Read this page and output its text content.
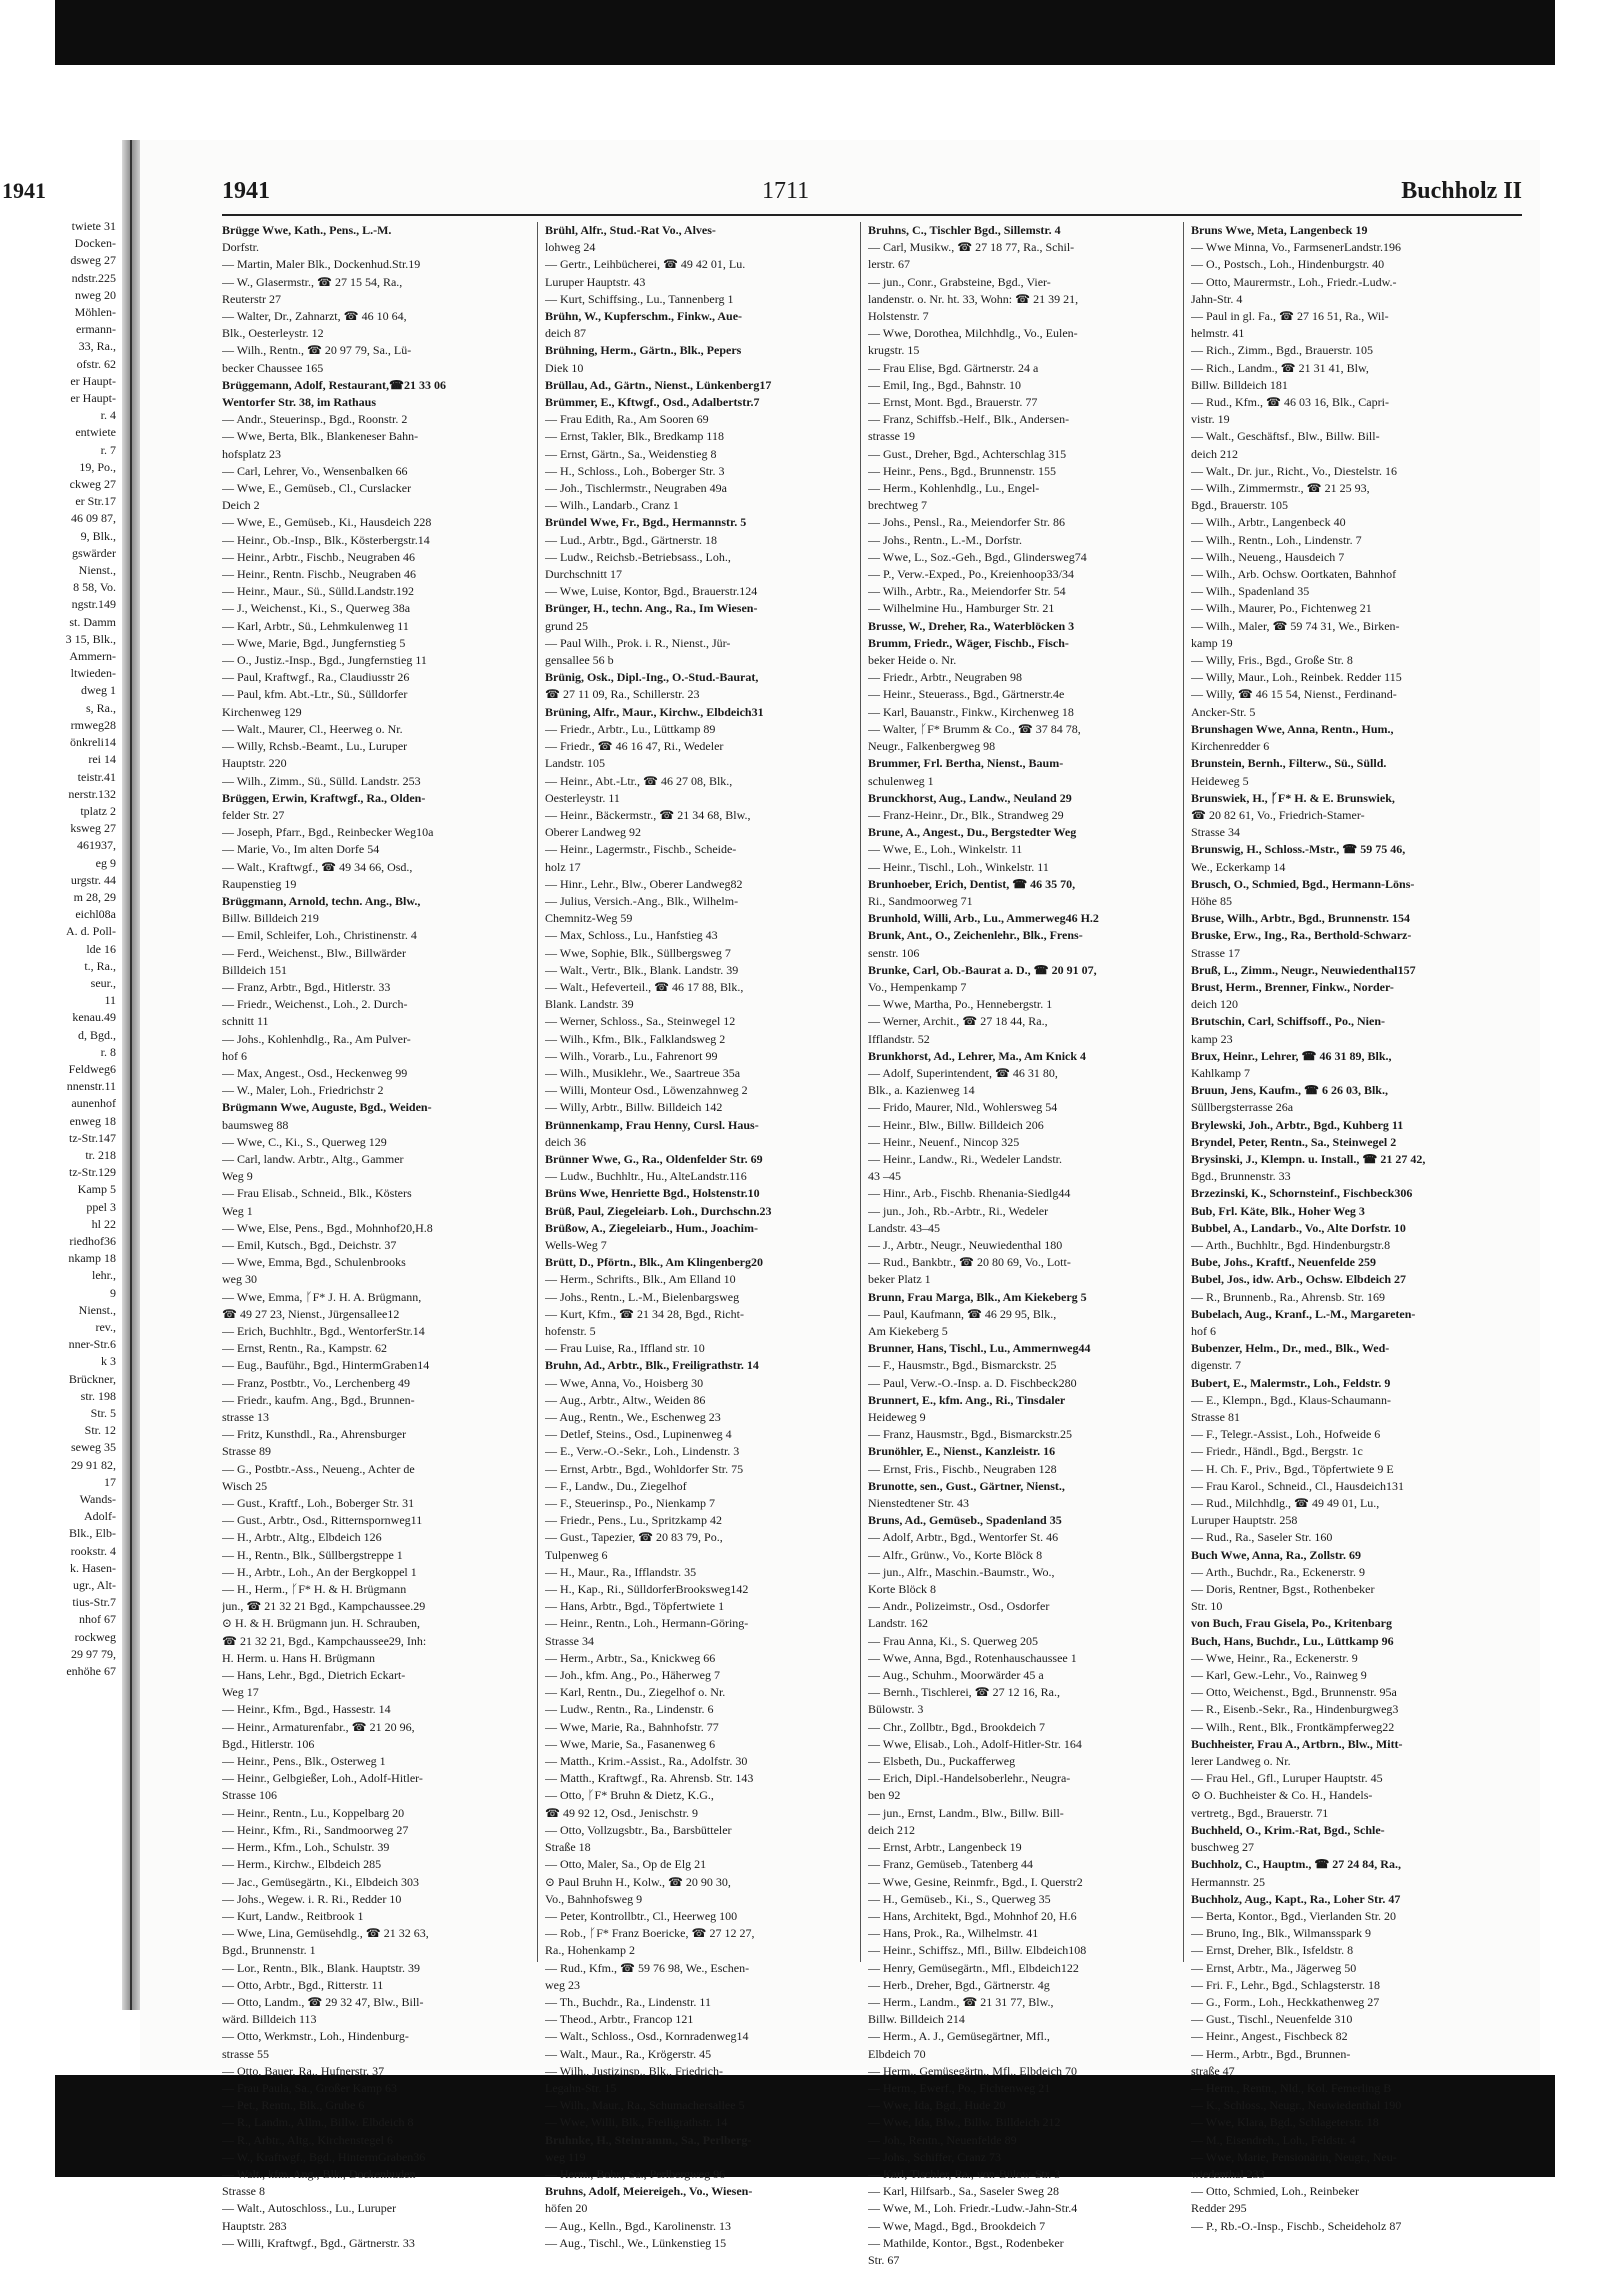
1941
twiete 31
Docken-
dsweg 27
ndstr.225
nweg 20
Möhlen-
ermann-
33, Ra.,
ofstr. 62
er Haupt-
er Haupt-
r. 4
entwiete
r. 7
19, Po.,
ckweg 27
er Str.17
46 09 87,
9, Blk.,
gswärder
Nienst.,
8 58, Vo.
ngstr.149
st. Damm
3 15, Blk.,
Ammern-
ltwieden-
dweg 1
s, Ra.,
rmweg28
önkreli14
rei 14
teistr.41
nerstr.132
tplatz 2
ksweg 27
461937,
eg 9
urgstr. 44
m 28, 29
eichl08a
A. d. Poll-
lde 16
t., Ra.,
seur.,
11
kenau.49
d, Bgd.,
r. 8
Feldweg6
nnenstr.11
aunenhof
enweg 18
tz-Str.147
tr. 218
tz-Str.129
Kamp 5
ppel 3
hl 22
riedhof36
nkamp 18
lehr.,
9
Nienst.,
rev.,
nner-Str.6
k 3
Brückner,
str. 198
Str. 5
Str. 12
seweg 35
29 91 82,
17
Wands-
Adolf-
Blk., Elb-
rookstr. 4
k. Hasen-
ugr., Alt-
tius-Str.7
nhof 67
rockweg
29 97 79,
enhöhe 67
1941	1711	Buchholz II
Brügge Wwe, Kath., Pens., L.-M.
Dorfstr.
— Martin, Maler Blk., Dockenhud.Str.19
— W., Glasermstr., ☎ 27 15 54, Ra.,
Reuterstr 27
— Walter, Dr., Zahnarzt, ☎ 46 10 64,
Blk., Oesterleystr. 12
— Wilh., Rentn., ☎ 20 97 79, Sa., Lü-
becker Chaussee 165
Brüggemann, Adolf, Restaurant,☎21 33 06
Wentorfer Str. 38, im Rathaus
— Andr., Steuerinsp., Bgd., Roonstr. 2
— Wwe, Berta, Blk., Blankeneser Bahn-
hofsplatz 23
— Carl, Lehrer, Vo., Wensenbalken 66
— Wwe, E., Gemüseb., Cl., Curslacker
Deich 2
— Wwe, E., Gemüseb., Ki., Hausdeich 228
— Heinr., Ob.-Insp., Blk., Kösterbergstr.14
— Heinr., Arbtr., Fischb., Neugraben 46
— Heinr., Rentn. Fischb., Neugraben 46
— Heinr., Maur., Sü., Sülld.Landstr.192
— J., Weichenst., Ki., S., Querweg 38a
— Karl, Arbtr., Sü., Lehmkulenweg 11
— Wwe, Marie, Bgd., Jungfernstieg 5
— O., Justiz.-Insp., Bgd., Jungfernstieg 11
— Paul, Kraftwgf., Ra., Claudiusstr 26
— Paul, kfm. Abt.-Ltr., Sü., Sülldorfer
Kirchenweg 129
— Walt., Maurer, Cl., Heerweg o. Nr.
— Willy, Rchsb.-Beamt., Lu., Luruper
Hauptstr. 220
— Wilh., Zimm., Sü., Sülld. Landstr. 253
Brüggen, Erwin, Kraftwgf., Ra., Olden-
felder Str. 27
— Joseph, Pfarr., Bgd., Reinbecker Weg10a
— Marie, Vo., Im alten Dorfe 54
— Walt., Kraftwgf., ☎ 49 34 66, Osd.,
Raupenstieg 19
Brüggmann, Arnold, techn. Ang., Blw.,
Billw. Billdeich 219
— Emil, Schleifer, Loh., Christinenstr. 4
— Ferd., Weichenst., Blw., Billwärder
Billdeich 151
— Franz, Arbtr., Bgd., Hitlerstr. 33
— Friedr., Weichenst., Loh., 2. Durch-
schnitt 11
— Johs., Kohlenhdlg., Ra., Am Pulver-
hof 6
— Max, Angest., Osd., Heckenweg 99
— W., Maler, Loh., Friedrichstr 2
Brügmann Wwe, Auguste, Bgd., Weiden-
baumsweg 88
— Wwe, C., Ki., S., Querweg 129
— Carl, landw. Arbtr., Altg., Gammer
Weg 9
— Frau Elisab., Schneid., Blk., Kösters
Weg 1
— Wwe, Else, Pens., Bgd., Mohnhof20,H.8
— Emil, Kutsch., Bgd., Deichstr. 37
— Wwe, Emma, Bgd., Schulenbrooks
weg 30
— Wwe, Emma, ᚴF* J. H. A. Brügmann,
☎ 49 27 23, Nienst., Jürgensallee12
— Erich, Buchhltr., Bgd., WentorferStr.14
— Ernst, Rentn., Ra., Kampstr. 62
— Eug., Bauführ., Bgd., HintermGraben14
— Franz, Postbtr., Vo., Lerchenberg 49
— Friedr., kaufm. Ang., Bgd., Brunnen-
strasse 13
— Fritz, Kunsthdl., Ra., Ahrensburger
Strasse 89
— G., Postbtr.-Ass., Neueng., Achter de
Wisch 25
— Gust., Kraftf., Loh., Boberger Str. 31
— Gust., Arbtr., Osd., Ritternspornweg11
— H., Arbtr., Altg., Elbdeich 126
— H., Rentn., Blk., Süllbergstreppe 1
— H., Arbtr., Loh., An der Bergkoppel 1
— H., Herm., ᚴF* H. & H. Brügmann
jun., ☎ 21 32 21 Bgd., Kampchaussee.29
⊙ H. & H. Brügmann jun. H. Schrauben,
☎ 21 32 21, Bgd., Kampchaussee29, Inh:
H. Herm. u. Hans H. Brügmann
— Hans, Lehr., Bgd., Dietrich Eckart-
Weg 17
— Heinr., Kfm., Bgd., Hassestr. 14
— Heinr., Armaturenfabr., ☎ 21 20 96,
Bgd., Hitlerstr. 106
— Heinr., Pens., Blk., Osterweg 1
— Heinr., Gelbgießer, Loh., Adolf-Hitler-
Strasse 106
— Heinr., Rentn., Lu., Koppelbarg 20
— Heinr., Kfm., Ri., Sandmoorweg 27
— Herm., Kfm., Loh., Schulstr. 39
— Herm., Kirchw., Elbdeich 285
— Jac., Gemüsegärtn., Ki., Elbdeich 303
— Johs., Wegew. i. R. Ri., Redder 10
— Kurt, Landw., Reitbrook 1
— Wwe, Lina, Gemüsehdlg., ☎ 21 32 63,
Bgd., Brunnenstr. 1
— Lor., Rentn., Blk., Blank. Hauptstr. 39
— Otto, Arbtr., Bgd., Ritterstr. 11
— Otto, Landm., ☎ 29 32 47, Blw., Bill-
wärd. Billdeich 113
— Otto, Werkmstr., Loh., Hindenburg-
strasse 55
— Otto, Bauer, Ra., Hufnerstr. 37
— Frau Paula, Sa., Großer Kamp 63
— Pet., Rentn., Blk., Grube 6
— R., Landm., Allm., Billw. Elbdeich 8
— R., Arbtr., Altg., Kirchenstegel 6
— W., Kraftwgf., Bgd., HintermGraben36
— Walt., kfm. Ang., Blk., Dockenhuden
Strasse 8
— Walt., Autoschloss., Lu., Luruper
Hauptstr. 283
— Willi, Kraftwgf., Bgd., Gärtnerstr. 33
Brühl, Alfr., Stud.-Rat Vo., Alves-
lohweg 24
— Gertr., Leihbücherei, ☎ 49 42 01, Lu.
Luruper Hauptstr. 43
— Kurt, Schiffsing., Lu., Tannenberg 1
Brühn, W., Kupferschm., Finkw., Aue-
deich 87
Brühning, Herm., Gärtn., Blk., Pepers
Diek 10
Brüllau, Ad., Gärtn., Nienst., Lünkenberg17
Brümmer, E., Kftwgf., Osd., Adalbertstr.7
— Frau Edith, Ra., Am Sooren 69
— Ernst, Takler, Blk., Bredkamp 118
— Ernst, Gärtn., Sa., Weidenstieg 8
— H., Schloss., Loh., Boberger Str. 3
— Joh., Tischlermstr., Neugraben 49a
— Wilh., Landarb., Cranz 1
Bründel Wwe, Fr., Bgd., Hermannstr. 5
— Lud., Arbtr., Bgd., Gärtnerstr. 18
— Ludw., Reichsb.-Betriebsass., Loh.,
Durchschnitt 17
— Wwe, Luise, Kontor, Bgd., Brauerstr.124
Brünger, H., techn. Ang., Ra., Im Wiesen-
grund 25
— Paul Wilh., Prok. i. R., Nienst., Jür-
gensallee 56 b
Brünig, Osk., Dipl.-Ing., O.-Stud.-Baurat,
☎ 27 11 09, Ra., Schillerstr. 23
Brüning, Alfr., Maur., Kirchw., Elbdeich31
— Friedr., Arbtr., Lu., Lüttkamp 89
— Friedr., ☎ 46 16 47, Ri., Wedeler
Landstr. 105
— Heinr., Abt.-Ltr., ☎ 46 27 08, Blk.,
Oesterleystr. 11
— Heinr., Bäckermstr., ☎ 21 34 68, Blw.,
Oberer Landweg 92
— Heinr., Lagermstr., Fischb., Scheide-
holz 17
— Hinr., Lehr., Blw., Oberer Landweg82
— Julius, Versich.-Ang., Blk., Wilhelm-
Chemnitz-Weg 59
— Max, Schloss., Lu., Hanfstieg 43
— Wwe, Sophie, Blk., Süllbergsweg 7
— Walt., Vertr., Blk., Blank. Landstr. 39
— Walt., Hefeverteil., ☎ 46 17 88, Blk.,
Blank. Landstr. 39
— Werner, Schloss., Sa., Steinwegel 12
— Wilh., Kfm., Blk., Falklandsweg 2
— Wilh., Vorarb., Lu., Fahrenort 99
— Wilh., Musiklehr., We., Saartreue 35a
— Willi, Monteur Osd., Löwenzahnweg 2
— Willy, Arbtr., Billw. Billdeich 142
Brünnenkamp, Frau Henny, Cursl. Haus-
deich 36
Brünner Wwe, G., Ra., Oldenfelder Str. 69
— Ludw., Buchhltr., Hu., AlteLandstr.116
Brüns Wwe, Henriette Bgd., Holstenstr.10
Brüß, Paul, Ziegeleiarb. Loh., Durchschn.23
Brüßow, A., Ziegeleiarb., Hum., Joachim-
Wells-Weg 7
Brütt, D., Pförtn., Blk., Am Klingenberg20
— Herm., Schrifts., Blk., Am Elland 10
— Johs., Rentn., L.-M., Bielenbargsweg
— Kurt, Kfm., ☎ 21 34 28, Bgd., Richt-
hofenstr. 5
— Frau Luise, Ra., Iffland str. 10
Bruhn, Ad., Arbtr., Blk., Freiligrathstr. 14
— Wwe, Anna, Vo., Hoisberg 30
— Aug., Arbtr., Altw., Weiden 86
— Aug., Rentn., We., Eschenweg 23
— Detlef, Steins., Osd., Lupinenweg 4
— E., Verw.-O.-Sekr., Loh., Lindenstr. 3
— Ernst, Arbtr., Bgd., Wohldorfer Str. 75
— F., Landw., Du., Ziegelhof
— F., Steuerinsp., Po., Nienkamp 7
— Friedr., Pens., Lu., Spritzkamp 42
— Gust., Tapezier, ☎ 20 83 79, Po.,
Tulpenweg 6
— H., Maur., Ra., Ifflandstr. 35
— H., Kap., Ri., SülldorferBrooksweg142
— Hans, Arbtr., Bgd., Töpfertwiete 1
— Heinr., Rentn., Loh., Hermann-Göring-
Strasse 34
— Herm., Arbtr., Sa., Knickweg 66
— Joh., kfm. Ang., Po., Häherweg 7
— Karl, Rentn., Du., Ziegelhof o. Nr.
— Ludw., Rentn., Ra., Lindenstr. 6
— Wwe, Marie, Ra., Bahnhofstr. 77
— Wwe, Marie, Sa., Fasanenweg 6
— Matth., Krim.-Assist., Ra., Adolfstr. 30
— Matth., Kraftwgf., Ra. Ahrensb. Str. 143
— Otto, ᚴF* Bruhn & Dietz, K.G.,
☎ 49 92 12, Osd., Jenischstr. 9
— Otto, Vollzugsbtr., Ba., Barsbütteler
Straße 18
— Otto, Maler, Sa., Op de Elg 21
⊙ Paul Bruhn H., Kolw., ☎ 20 90 30,
Vo., Bahnhofsweg 9
— Peter, Kontrollbtr., Cl., Heerweg 100
— Rob., ᚴF* Franz Boericke, ☎ 27 12 27,
Ra., Hohenkamp 2
— Rud., Kfm., ☎ 59 76 98, We., Eschen-
weg 23
— Th., Buchdr., Ra., Lindenstr. 11
— Theod., Arbtr., Francop 121
— Walt., Schloss., Osd., Kornradenweg14
— Walt., Maur., Ra., Krögerstr. 45
— Wilh., Justizinsp., Blk., Friedrich-
Legahn-Str. 15
— Wilh., Maur., Ra., Schumachersallee 5
— Wwe, Willi, Blk., Freiligrathstr. 14
Bruhnke, H., Steinramm., Sa., Perlberg-
weg 119
— Herm., Bohr., Sa., Perlbergweg 96
Bruhns, Adolf, Meiereigeh., Vo., Wiesen-
höfen 20
— Aug., Kelln., Bgd., Karolinenstr. 13
— Aug., Tischl., We., Lünkenstieg 15
Bruhns, C., Tischler Bgd., Sillemstr. 4
— Carl, Musikw., ☎ 27 18 77, Ra., Schil-
lerstr. 67
— jun., Conr., Grabsteine, Bgd., Vier-
landenstr. o. Nr. ht. 33, Wohn: ☎ 21 39 21,
Holstenstr. 7
— Wwe, Dorothea, Milchhdlg., Vo., Eulen-
krugstr. 15
— Frau Elise, Bgd. Gärtnerstr. 24 a
— Emil, Ing., Bgd., Bahnstr. 10
— Ernst, Mont. Bgd., Brauerstr. 77
— Franz, Schiffsb.-Helf., Blk., Andersen-
strasse 19
— Gust., Dreher, Bgd., Achterschlag 315
— Heinr., Pens., Bgd., Brunnenstr. 155
— Herm., Kohlenhdlg., Lu., Engel-
brechtweg 7
— Johs., Pensl., Ra., Meiendorfer Str. 86
— Johs., Rentn., L.-M., Dorfstr.
— Wwe, L., Soz.-Geh., Bgd., Glindersweg74
— P., Verw.-Exped., Po., Kreienhoop33/34
— Wilh., Arbtr., Ra., Meiendorfer Str. 54
— Wilhelmine Hu., Hamburger Str. 21
Brusse, W., Dreher, Ra., Waterblöcken 3
Brumm, Friedr., Wäger, Fischb., Fisch-
beker Heide o. Nr.
— Friedr., Arbtr., Neugraben 98
— Heinr., Steuerass., Bgd., Gärtnerstr.4e
— Karl, Bauanstr., Finkw., Kirchenweg 18
— Walter, ᚴF* Brumm & Co., ☎ 37 84 78,
Neugr., Falkenbergweg 98
Brummer, Frl. Bertha, Nienst., Baum-
schulenweg 1
Brunckhorst, Aug., Landw., Neuland 29
— Franz-Heinr., Dr., Blk., Strandweg 29
Brune, A., Angest., Du., Bergstedter Weg
— Wwe, E., Loh., Winkelstr. 11
— Heinr., Tischl., Loh., Winkelstr. 11
Brunhoeber, Erich, Dentist, ☎ 46 35 70,
Ri., Sandmoorweg 71
Brunhold, Willi, Arb., Lu., Ammerweg46 H.2
Brunk, Ant., O., Zeichenlehr., Blk., Frens-
senstr. 106
Brunke, Carl, Ob.-Baurat a. D., ☎ 20 91 07,
Vo., Hempenkamp 7
— Wwe, Martha, Po., Hennebergstr. 1
— Werner, Archit., ☎ 27 18 44, Ra.,
Ifflandstr. 52
Brunkhorst, Ad., Lehrer, Ma., Am Knick 4
— Adolf, Superintendent, ☎ 46 31 80,
Blk., a. Kazienweg 14
— Frido, Maurer, Nld., Wohlersweg 54
— Heinr., Blw., Billw. Billdeich 206
— Heinr., Neuenf., Nincop 325
— Heinr., Landw., Ri., Wedeler Landstr.
43 –45
— Hinr., Arb., Fischb. Rhenania-Siedlg44
— jun., Joh., Rb.-Arbtr., Ri., Wedeler
Landstr. 43–45
— J., Arbtr., Neugr., Neuwiedenthal 180
— Rud., Bankbtr., ☎ 20 80 69, Vo., Lott-
beker Platz 1
Brunn, Frau Marga, Blk., Am Kiekeberg 5
— Paul, Kaufmann, ☎ 46 29 95, Blk.,
Am Kiekeberg 5
Brunner, Hans, Tischl., Lu., Ammernweg44
— F., Hausmstr., Bgd., Bismarckstr. 25
— Paul, Verw.-O.-Insp. a. D. Fischbeck280
Brunnert, E., kfm. Ang., Ri., Tinsdaler
Heideweg 9
— Franz, Hausmstr., Bgd., Bismarckstr.25
Brunöhler, E., Nienst., Kanzleistr. 16
— Ernst, Fris., Fischb., Neugraben 128
Brunotte, sen., Gust., Gärtner, Nienst.,
Nienstedtener Str. 43
Bruns, Ad., Gemüseb., Spadenland 35
— Adolf, Arbtr., Bgd., Wentorfer St. 46
— Alfr., Grünw., Vo., Korte Blöck 8
— jun., Alfr., Maschin.-Baumstr., Wo.,
Korte Blöck 8
— Andr., Polizeimstr., Osd., Osdorfer
Landstr. 162
— Frau Anna, Ki., S. Querweg 205
— Wwe, Anna, Bgd., Rotenhauschaussee 1
— Aug., Schuhm., Moorwärder 45 a
— Bernh., Tischlerei, ☎ 27 12 16, Ra.,
Bülowstr. 3
— Chr., Zollbtr., Bgd., Brookdeich 7
— Wwe, Elisab., Loh., Adolf-Hitler-Str. 164
— Elsbeth, Du., Puckafferweg
— Erich, Dipl.-Handelsoberlehr., Neugra-
ben 92
— jun., Ernst, Landm., Blw., Billw. Bill-
deich 212
— Ernst, Arbtr., Langenbeck 19
— Franz, Gemüseb., Tatenberg 44
— Wwe, Gesine, Reinmfr., Bgd., I. Querstr2
— H., Gemüseb., Ki., S., Querweg 35
— Hans, Architekt, Bgd., Mohnhof 20, H.6
— Hans, Prok., Ra., Wilhelmstr. 41
— Heinr., Schiffsz., Mfl., Billw. Elbdeich108
— Henry, Gemüsegärtn., Mfl., Elbdeich122
— Herb., Dreher, Bgd., Gärtnerstr. 4g
— Herm., Landm., ☎ 21 31 77, Blw.,
Billw. Billdeich 214
— Herm., A. J., Gemüsegärtner, Mfl.,
Elbdeich 70
— Herm., Gemüsegärtn., Mfl., Elbdeich 70
— Herm., Ewerf., Po., Fichtenweg 21
— Wwe, Ida, Bgd., Hude 20
— Wwe, Ida, Blw., Billw. Billdeich 212
— Joh., Rentn., Neuenfelde 89
— Johs., Schiffer, Cranz 73
— Karl, Tischler, Ra., von-Bülow-Str. 3
— Karl, Hilfsarb., Sa., Saseler Sweg 28
— Wwe, M., Loh. Friedr.-Ludw.-Jahn-Str.4
— Wwe, Magd., Bgd., Brookdeich 7
— Mathilde, Kontor., Bgst., Rodenbeker
Str. 67
Bruns Wwe, Meta, Langenbeck 19
— Wwe Minna, Vo., FarmsenerLandstr.196
— O., Postsch., Loh., Hindenburgstr. 40
— Otto, Maurermstr., Loh., Friedr.-Ludw.-
Jahn-Str. 4
— Paul in gl. Fa., ☎ 27 16 51, Ra., Wil-
helmstr. 41
— Rich., Zimm., Bgd., Brauerstr. 105
— Rich., Landm., ☎ 21 31 41, Blw,
Billw. Billdeich 181
— Rud., Kfm., ☎ 46 03 16, Blk., Capri-
vistr. 19
— Walt., Geschäftsf., Blw., Billw. Bill-
deich 212
— Walt., Dr. jur., Richt., Vo., Diestelstr. 16
— Wilh., Zimmermstr., ☎ 21 25 93,
Bgd., Brauerstr. 105
— Wilh., Arbtr., Langenbeck 40
— Wilh., Rentn., Loh., Lindenstr. 7
— Wilh., Neueng., Hausdeich 7
— Wilh., Arb. Ochsw. Oortkaten, Bahnhof
— Wilh., Spadenland 35
— Wilh., Maurer, Po., Fichtenweg 21
— Wilh., Maler, ☎ 59 74 31, We., Birken-
kamp 19
— Willy, Fris., Bgd., Große Str. 8
— Willy, Maur., Loh., Reinbek. Redder 115
— Willy, ☎ 46 15 54, Nienst., Ferdinand-
Ancker-Str. 5
Brunshagen Wwe, Anna, Rentn., Hum.,
Kirchenredder 6
Brunstein, Bernh., Filterw., Sü., Sülld.
Heideweg 5
Brunswiek, H., ᚴF* H. & E. Brunswiek,
☎ 20 82 61, Vo., Friedrich-Stamer-
Strasse 34
Brunswig, H., Schloss.-Mstr., ☎ 59 75 46,
We., Eckerkamp 14
Brusch, O., Schmied, Bgd., Hermann-Löns-
Höhe 85
Bruse, Wilh., Arbtr., Bgd., Brunnenstr. 154
Bruske, Erw., Ing., Ra., Berthold-Schwarz-
Strasse 17
Bruß, L., Zimm., Neugr., Neuwiedenthal157
Brust, Herm., Brenner, Finkw., Norder-
deich 120
Brutschin, Carl, Schiffsoff., Po., Nien-
kamp 23
Brux, Heinr., Lehrer, ☎ 46 31 89, Blk.,
Kahlkamp 7
Bruun, Jens, Kaufm., ☎ 6 26 03, Blk.,
Süllbergsterrasse 26a
Brylewski, Joh., Arbtr., Bgd., Kuhberg 11
Bryndel, Peter, Rentn., Sa., Steinwegel 2
Brysinski, J., Klempn. u. Install., ☎ 21 27 42,
Bgd., Brunnenstr. 33
Brzezinski, K., Schornsteinf., Fischbeck306
Bub, Frl. Käte, Blk., Hoher Weg 3
Bubbel, A., Landarb., Vo., Alte Dorfstr. 10
— Arth., Buchhltr., Bgd. Hindenburgstr.8
Bube, Johs., Kraftf., Neuenfelde 259
Bubel, Jos., idw. Arb., Ochsw. Elbdeich 27
— R., Brunnenb., Ra., Ahrensb. Str. 169
Bubelach, Aug., Kranf., L.-M., Margareten-
hof 6
Bubenzer, Helm., Dr., med., Blk., Wed-
digenstr. 7
Bubert, E., Malermstr., Loh., Feldstr. 9
— E., Klempn., Bgd., Klaus-Schaumann-
Strasse 81
— F., Telegr.-Assist., Loh., Hofweide 6
— Friedr., Händl., Bgd., Bergstr. 1c
— H. Ch. F., Priv., Bgd., Töpfertwiete 9 E
— Frau Karol., Schneid., Cl., Hausdeich131
— Rud., Milchhdlg., ☎ 49 49 01, Lu.,
Luruper Hauptstr. 258
— Rud., Ra., Saseler Str. 160
Buch Wwe, Anna, Ra., Zollstr. 69
— Arth., Buchdr., Ra., Eckenerstr. 9
— Doris, Rentner, Bgst., Rothenbeker
Str. 10
von Buch, Frau Gisela, Po., Kritenbarg
Buch, Hans, Buchdr., Lu., Lüttkamp 96
— Wwe, Heinr., Ra., Eckenerstr. 9
— Karl, Gew.-Lehr., Vo., Rainweg 9
— Otto, Weichenst., Bgd., Brunnenstr. 95a
— R., Eisenb.-Sekr., Ra., Hindenburgweg3
— Wilh., Rent., Blk., Frontkämpferweg22
Buchheister, Frau A., Artbrn., Blw., Mitt-
lerer Landweg o. Nr.
— Frau Hel., Gfl., Luruper Hauptstr. 45
⊙ O. Buchheister & Co. H., Handels-
vertretg., Bgd., Brauerstr. 71
Buchheld, O., Krim.-Rat, Bgd., Schle-
buschweg 27
Buchholz, C., Hauptm., ☎ 27 24 84, Ra.,
Hermannstr. 25
Buchholz, Aug., Kapt., Ra., Loher Str. 47
— Berta, Kontor., Bgd., Vierlanden Str. 20
— Bruno, Ing., Blk., Wilmansspark 9
— Ernst, Dreher, Blk., Isfeldstr. 8
— Ernst, Arbtr., Ma., Jägerweg 50
— Fri. F., Lehr., Bgd., Schlagsterstr. 18
— G., Form., Loh., Heckkathenweg 27
— Gust., Tischl., Neuenfelde 310
— Heinr., Angest., Fischbeck 82
— Herm., Arbtr., Bgd., Brunnen-
straße 47
— Herm., Rentn., Nld., Kol. Femerling B
— K., Schloss., Neugr., Neuwiedenthal 190
— Wwe, Klara, Bgd., Schlageterstr. 18
— M., Eisendreh., Loh., Feldstr. 4
— Wwe, Marie, Pensionärin, Neugr., Neu-
wiedenthal 233
— Otto, Schmied, Loh., Reinbeker
Redder 295
— P., Rb.-O.-Insp., Fischb., Scheideholz 87
